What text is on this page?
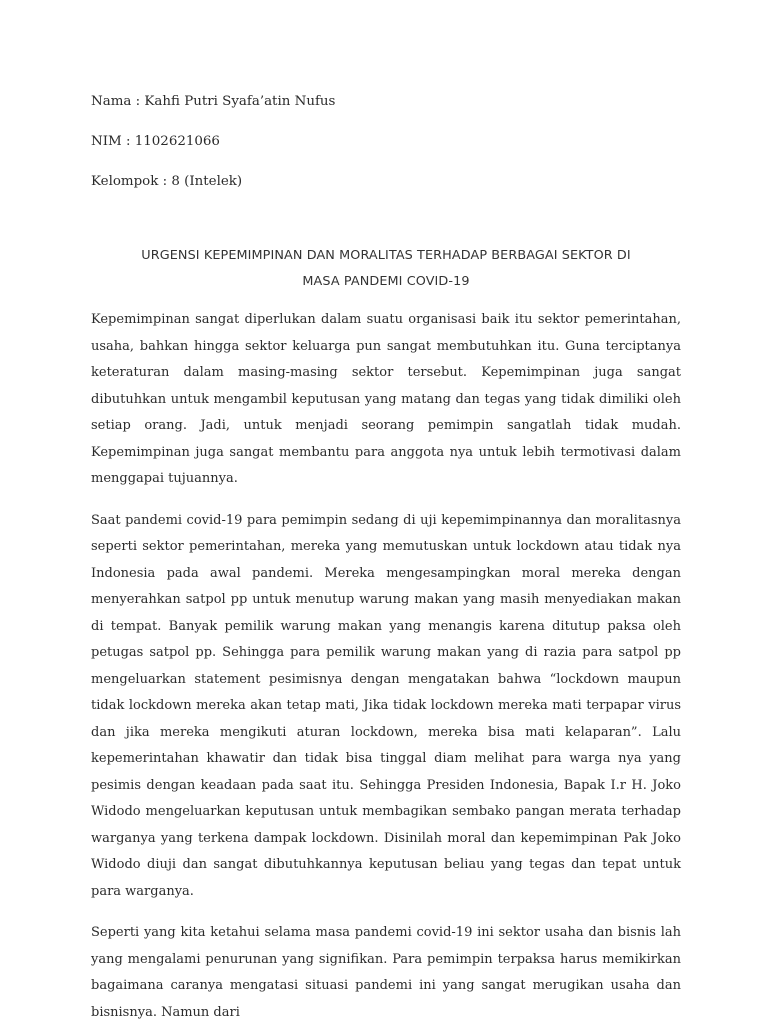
Nama : Kahfi Putri Syafa’atin Nufus
NIM : 1102621066
Kelompok : 8 (Intelek)
URGENSI KEPEMIMPINAN DAN MORALITAS TERHADAP BERBAGAI SEKTOR DI
MASA PANDEMI COVID-19

Kepemimpinan sangat diperlukan dalam suatu organisasi baik itu sektor pemerintahan, usaha, bahkan hingga sektor keluarga pun sangat membutuhkan itu. Guna terciptanya keteraturan dalam masing-masing sektor tersebut. Kepemimpinan juga sangat dibutuhkan untuk mengambil keputusan yang matang dan tegas yang tidak dimiliki oleh setiap orang. Jadi, untuk menjadi seorang pemimpin sangatlah tidak mudah. Kepemimpinan juga sangat membantu para anggota nya untuk lebih termotivasi dalam menggapai tujuannya.

Saat pandemi covid-19 para pemimpin sedang di uji kepemimpinannya dan moralitasnya seperti sektor pemerintahan, mereka yang memutuskan untuk lockdown atau tidak nya Indonesia pada awal pandemi. Mereka mengesampingkan moral mereka dengan menyerahkan satpol pp untuk menutup warung makan yang masih menyediakan makan di tempat. Banyak pemilik warung makan yang menangis karena ditutup paksa oleh petugas satpol pp. Sehingga para pemilik warung makan yang di razia para satpol pp mengeluarkan statement pesimisnya dengan mengatakan bahwa “lockdown maupun tidak lockdown mereka akan tetap mati, Jika tidak lockdown mereka mati terpapar virus dan jika mereka mengikuti aturan lockdown, mereka bisa mati kelaparan”. Lalu kepemerintahan khawatir dan tidak bisa tinggal diam melihat para warga nya yang pesimis dengan keadaan pada saat itu. Sehingga Presiden Indonesia, Bapak I.r H. Joko Widodo mengeluarkan keputusan untuk membagikan sembako pangan merata terhadap warganya yang terkena dampak lockdown. Disinilah moral dan kepemimpinan Pak Joko Widodo diuji dan sangat dibutuhkannya keputusan beliau yang tegas dan tepat untuk para warganya.

Seperti yang kita ketahui selama masa pandemi covid-19 ini sektor usaha dan bisnis lah yang mengalami penurunan yang signifikan. Para pemimpin terpaksa harus memikirkan bagaimana caranya mengatasi situasi pandemi ini yang sangat merugikan usaha dan bisnisnya. Namun dari
